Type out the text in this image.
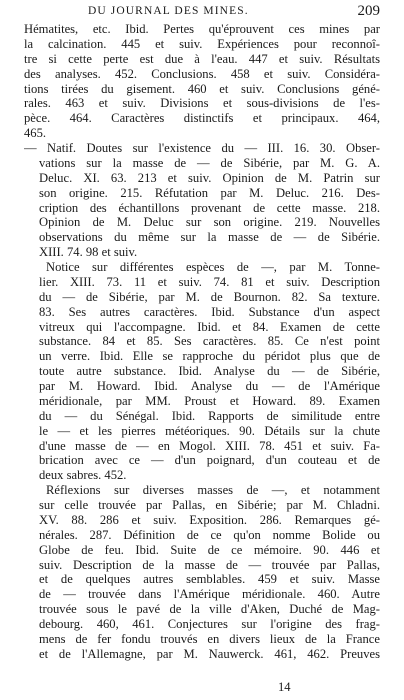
DU JOURNAL DES MINES.	209
Hématites, etc. Ibid. Pertes qu'éprouvent ces mines par
la calcination. 445 et suiv. Expériences pour reconnoî-
tre si cette perte est due à l'eau. 447 et suiv. Résultats
des analyses. 452. Conclusions. 458 et suiv. Considéra-
tions tirées du gisement. 460 et suiv. Conclusions géné-
rales. 463 et suiv. Divisions et sous-divisions de l'es-
pèce. 464. Caractères distinctifs et principaux. 464,
465.
— Natif. Doutes sur l'existence du — III. 16. 30. Obser-
vations sur la masse de — de Sibérie, par M. G. A.
Deluc. XI. 63. 213 et suiv. Opinion de M. Patrin sur
son origine. 215. Réfutation par M. Deluc. 216. Des-
cription des échantillons provenant de cette masse. 218.
Opinion de M. Deluc sur son origine. 219. Nouvelles
observations du même sur la masse de — de Sibérie.
XIII. 74. 98 et suiv.
Notice sur différentes espèces de —, par M. Tonne-
lier. XIII. 73. 11 et suiv. 74. 81 et suiv. Description
du — de Sibérie, par M. de Bournon. 82. Sa texture.
83. Ses autres caractères. Ibid. Substance d'un aspect
vitreux qui l'accompagne. Ibid. et 84. Examen de cette
substance. 84 et 85. Ses caractères. 85. Ce n'est point
un verre. Ibid. Elle se rapproche du péridot plus que de
toute autre substance. Ibid. Analyse du — de Sibérie,
par M. Howard. Ibid. Analyse du — de l'Amérique
méridionale, par MM. Proust et Howard. 89. Examen
du — du Sénégal. Ibid. Rapports de similitude entre
le — et les pierres météoriques. 90. Détails sur la chute
d'une masse de — en Mogol. XIII. 78. 451 et suiv. Fa-
brication avec ce — d'un poignard, d'un couteau et de
deux sabres. 452.
Réflexions sur diverses masses de —, et notamment
sur celle trouvée par Pallas, en Sibérie; par M. Chladni.
XV. 88. 286 et suiv. Exposition. 286. Remarques gé-
nérales. 287. Définition de ce qu'on nomme Bolide ou
Globe de feu. Ibid. Suite de ce mémoire. 90. 446 et
suiv. Description de la masse de — trouvée par Pallas,
et de quelques autres semblables. 459 et suiv. Masse
de — trouvée dans l'Amérique méridionale. 460. Autre
trouvée sous le pavé de la ville d'Aken, Duché de Mag-
debourg. 460, 461. Conjectures sur l'origine des frag-
mens de fer fondu trouvés en divers lieux de la France
et de l'Allemagne, par M. Nauwerck. 461, 462. Preuves
14
